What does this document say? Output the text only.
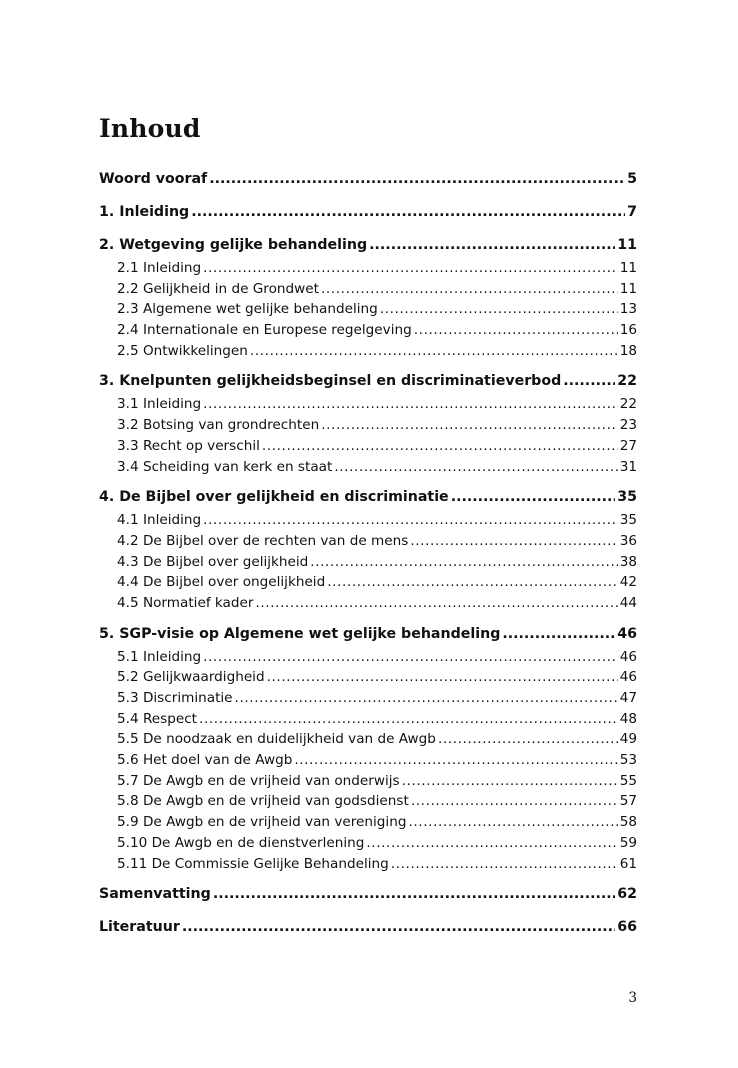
Inhoud
Woord vooraf .....	5
1. Inleiding .....	7
2. Wetgeving gelijke behandeling .....	11
2.1 Inleiding .....	11
2.2 Gelijkheid in de Grondwet .....	11
2.3 Algemene wet gelijke behandeling .....	13
2.4 Internationale en Europese regelgeving .....	16
2.5 Ontwikkelingen .....	18
3. Knelpunten gelijkheidsbeginsel en discriminatieverbod .....	22
3.1 Inleiding .....	22
3.2 Botsing van grondrechten .....	23
3.3 Recht op verschil .....	27
3.4 Scheiding van kerk en staat .....	31
4. De Bijbel over gelijkheid en discriminatie .....	35
4.1 Inleiding .....	35
4.2 De Bijbel over de rechten van de mens .....	36
4.3 De Bijbel over gelijkheid .....	38
4.4 De Bijbel over ongelijkheid .....	42
4.5 Normatief kader .....	44
5. SGP-visie op Algemene wet gelijke behandeling .....	46
5.1 Inleiding .....	46
5.2 Gelijkwaardigheid .....	46
5.3 Discriminatie .....	47
5.4 Respect .....	48
5.5 De noodzaak en duidelijkheid van de Awgb .....	49
5.6 Het doel van de Awgb .....	53
5.7 De Awgb en de vrijheid van onderwijs .....	55
5.8 De Awgb en de vrijheid van godsdienst .....	57
5.9 De Awgb en de vrijheid van vereniging .....	58
5.10 De Awgb en de dienstverlening .....	59
5.11 De Commissie Gelijke Behandeling .....	61
Samenvatting .....	62
Literatuur .....	66
3
